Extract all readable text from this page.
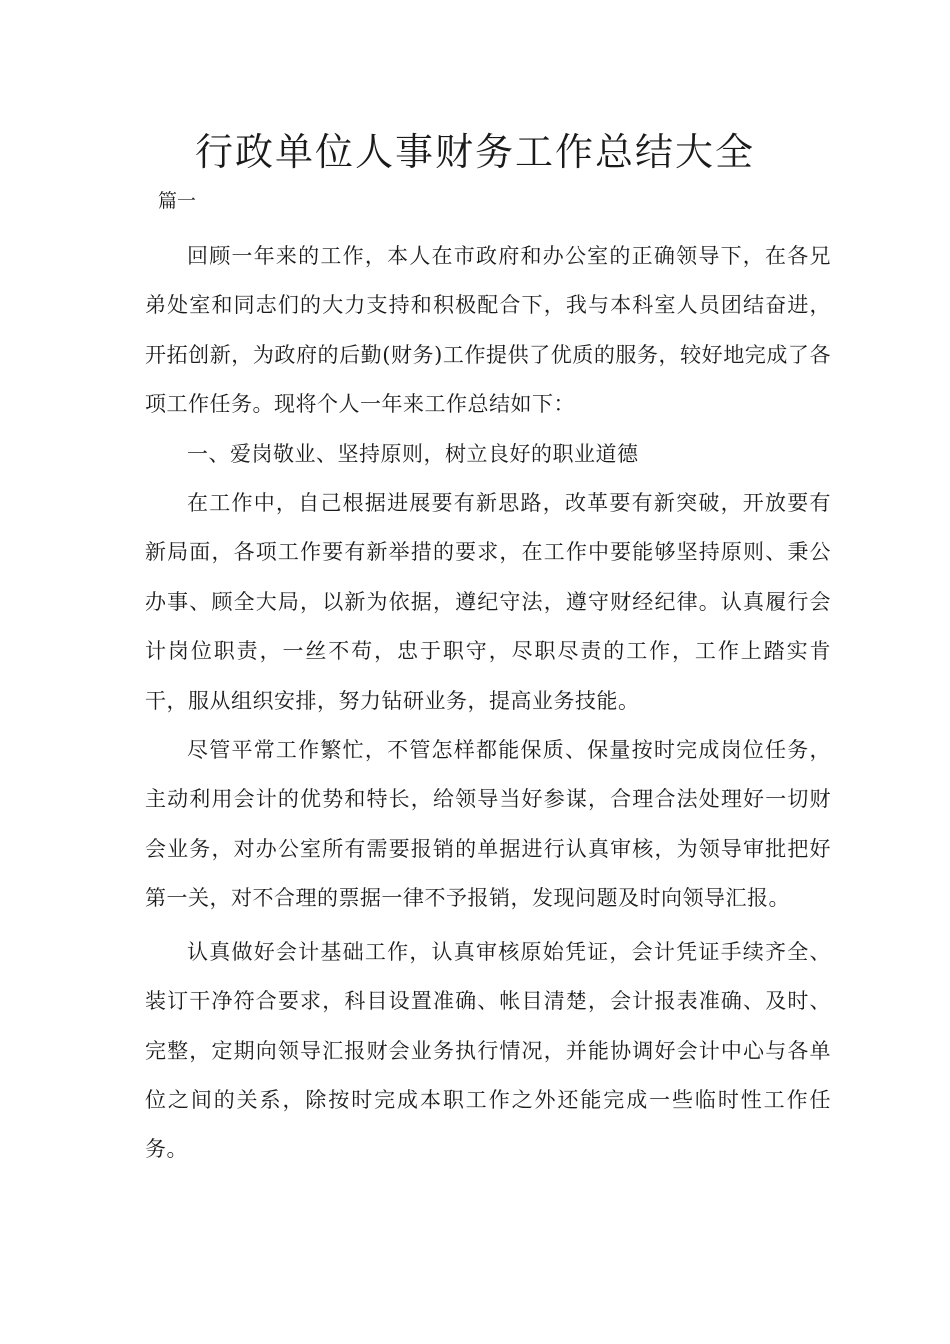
行政单位人事财务工作总结大全
篇一

回顾一年来的工作，本人在市政府和办公室的正确领导下，在各兄弟处室和同志们的大力支持和积极配合下，我与本科室人员团结奋进，开拓创新，为政府的后勤(财务)工作提供了优质的服务，较好地完成了各项工作任务。现将个人一年来工作总结如下：

一、爱岗敬业、坚持原则，树立良好的职业道德

在工作中，自己根据进展要有新思路，改革要有新突破，开放要有新局面，各项工作要有新举措的要求，在工作中要能够坚持原则、秉公办事、顾全大局，以新为依据，遵纪守法，遵守财经纪律。认真履行会计岗位职责，一丝不苟，忠于职守，尽职尽责的工作，工作上踏实肯干，服从组织安排，努力钻研业务，提高业务技能。

尽管平常工作繁忙，不管怎样都能保质、保量按时完成岗位任务，主动利用会计的优势和特长，给领导当好参谋，合理合法处理好一切财会业务，对办公室所有需要报销的单据进行认真审核，为领导审批把好第一关，对不合理的票据一律不予报销，发现问题及时向领导汇报。

认真做好会计基础工作，认真审核原始凭证，会计凭证手续齐全、装订干净符合要求，科目设置准确、帐目清楚，会计报表准确、及时、完整，定期向领导汇报财会业务执行情况，并能协调好会计中心与各单位之间的关系，除按时完成本职工作之外还能完成一些临时性工作任务。
